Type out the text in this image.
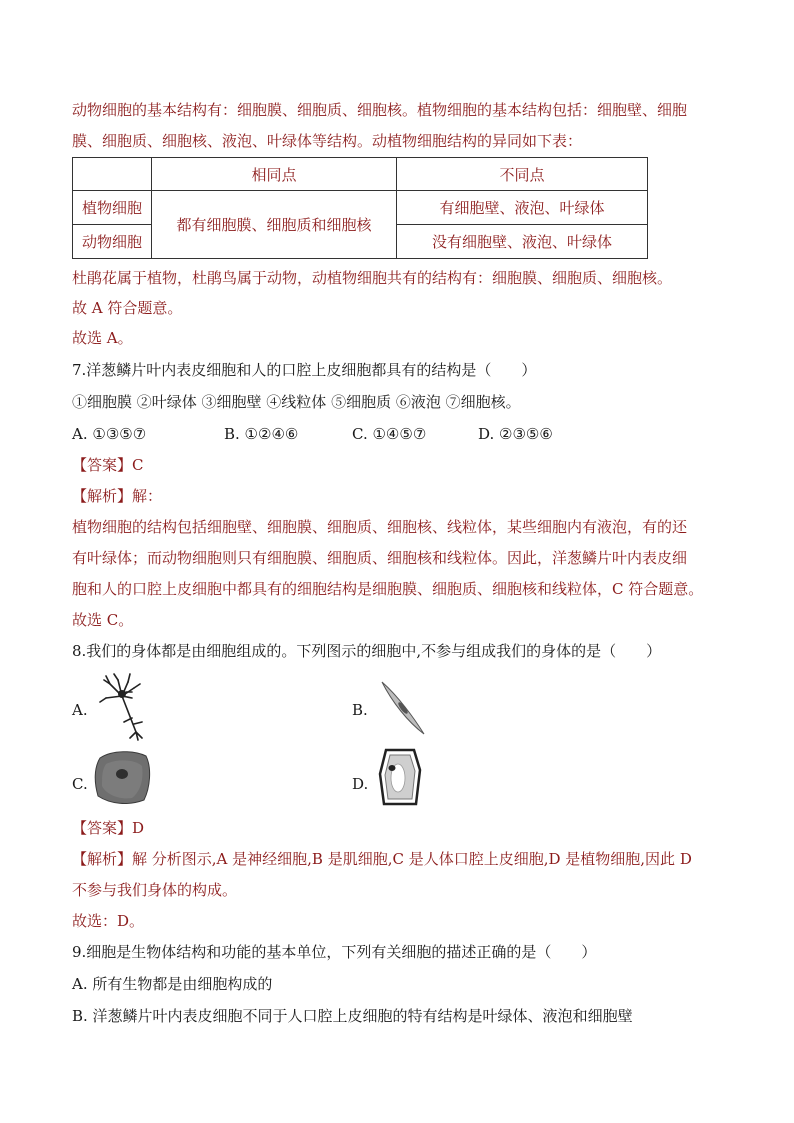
动物细胞的基本结构有：细胞膜、细胞质、细胞核。植物细胞的基本结构包括：细胞壁、细胞
膜、细胞质、细胞核、液泡、叶绿体等结构。动植物细胞结构的异同如下表：
	相同点	不同点
植物细胞	都有细胞膜、细胞质和细胞核	有细胞壁、液泡、叶绿体
动物细胞		没有细胞壁、液泡、叶绿体
杜鹃花属于植物，杜鹃鸟属于动物，动植物细胞共有的结构有：细胞膜、细胞质、细胞核。
故 A 符合题意。
故选 A。
7.洋葱鳞片叶内表皮细胞和人的口腔上皮细胞都具有的结构是（　　）
①细胞膜 ②叶绿体 ③细胞壁 ④线粒体 ⑤细胞质 ⑥液泡 ⑦细胞核。
A. ①③⑤⑦	B. ①②④⑥	C. ①④⑤⑦	D. ②③⑤⑥
【答案】C
【解析】解：
植物细胞的结构包括细胞壁、细胞膜、细胞质、细胞核、线粒体，某些细胞内有液泡，有的还
有叶绿体；而动物细胞则只有细胞膜、细胞质、细胞核和线粒体。因此，洋葱鳞片叶内表皮细
胞和人的口腔上皮细胞中都具有的细胞结构是细胞膜、细胞质、细胞核和线粒体，C 符合题意。
故选 C。
8.我们的身体都是由细胞组成的。下列图示的细胞中,不参与组成我们的身体的是（　　）
A.	B.
C.	D.
【答案】D
【解析】解 分析图示,A 是神经细胞,B 是肌细胞,C 是人体口腔上皮细胞,D 是植物细胞,因此 D
不参与我们身体的构成。
故选：D。
9.细胞是生物体结构和功能的基本单位，下列有关细胞的描述正确的是（　　）
A. 所有生物都是由细胞构成的
B. 洋葱鳞片叶内表皮细胞不同于人口腔上皮细胞的特有结构是叶绿体、液泡和细胞壁
